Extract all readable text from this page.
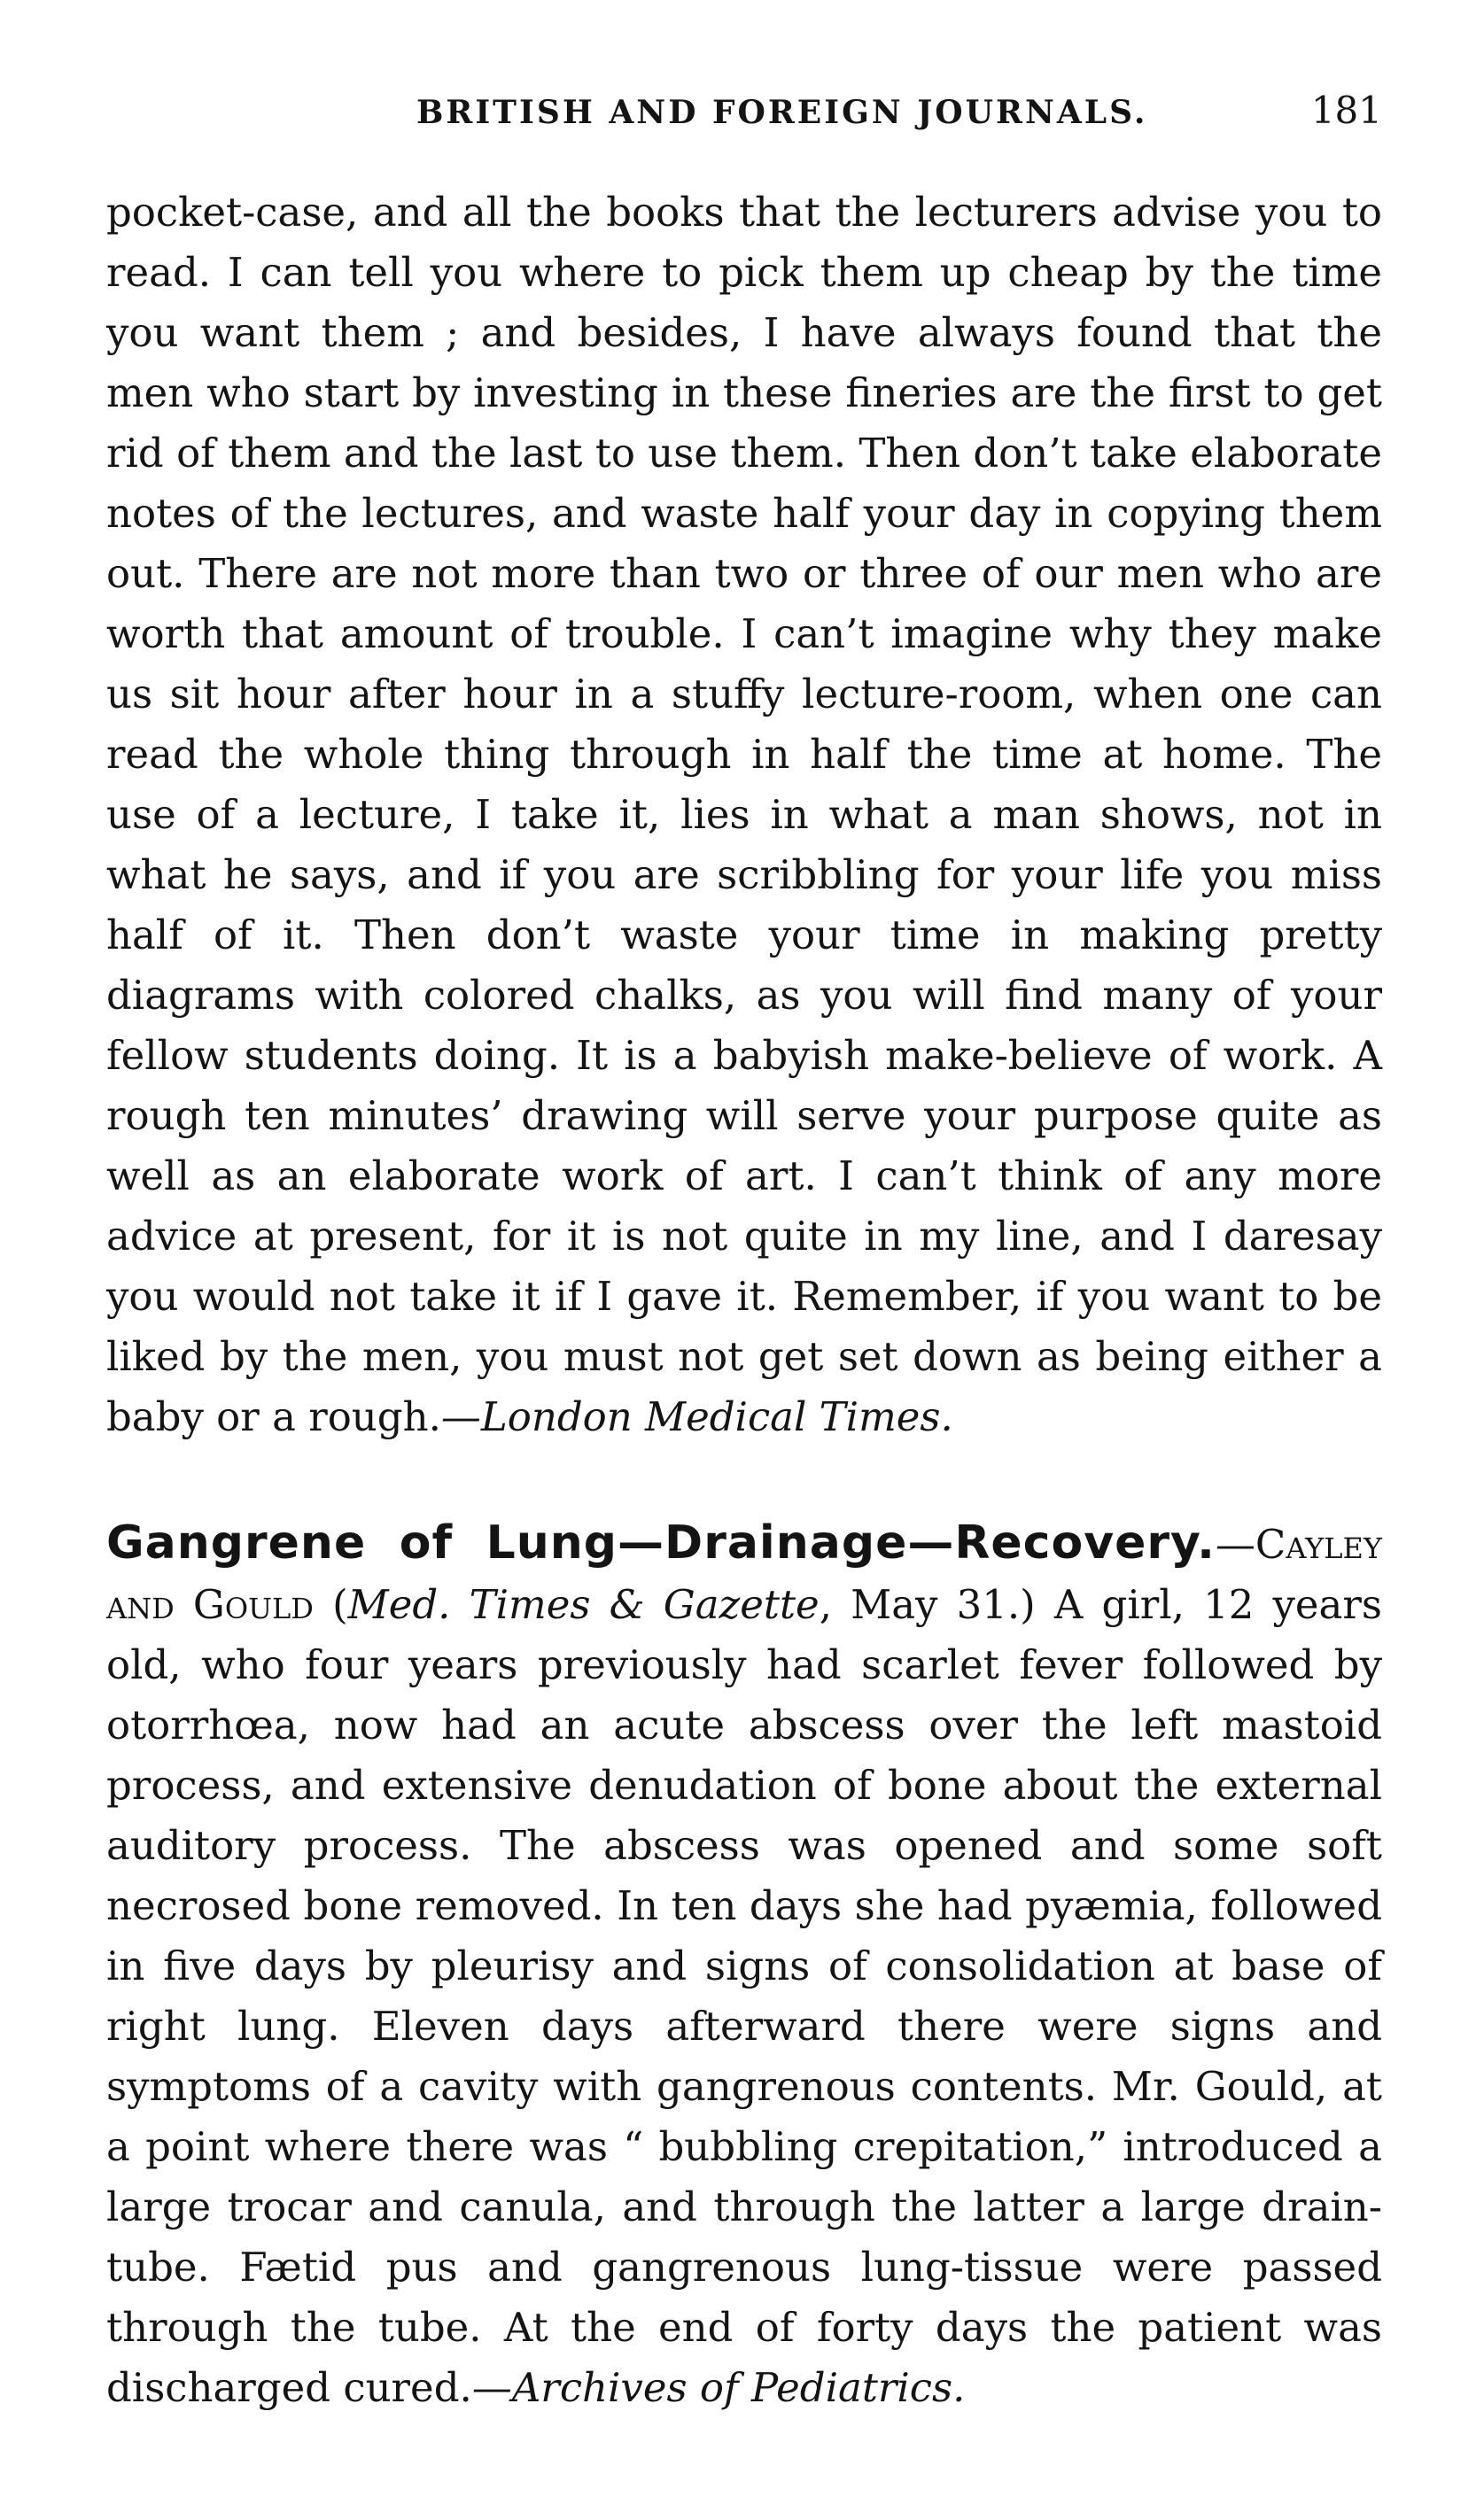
BRITISH AND FOREIGN JOURNALS.	181

pocket-case, and all the books that the lecturers advise you to read. I can tell you where to pick them up cheap by the time you want them ; and besides, I have always found that the men who start by investing in these fineries are the first to get rid of them and the last to use them. Then don’t take elaborate notes of the lectures, and waste half your day in copying them out. There are not more than two or three of our men who are worth that amount of trouble. I can’t imagine why they make us sit hour after hour in a stuffy lecture-room, when one can read the whole thing through in half the time at home. The use of a lecture, I take it, lies in what a man shows, not in what he says, and if you are scribbling for your life you miss half of it. Then don’t waste your time in making pretty diagrams with colored chalks, as you will find many of your fellow students doing. It is a babyish make-believe of work. A rough ten minutes’ drawing will serve your purpose quite as well as an elaborate work of art. I can’t think of any more advice at present, for it is not quite in my line, and I daresay you would not take it if I gave it. Remember, if you want to be liked by the men, you must not get set down as being either a baby or a rough.—London Medical Times.

Gangrene of Lung—Drainage—Recovery.—Cayley and Gould (Med. Times & Gazette, May 31.) A girl, 12 years old, who four years previously had scarlet fever followed by otorrhœa, now had an acute abscess over the left mastoid process, and extensive denudation of bone about the external auditory process. The abscess was opened and some soft necrosed bone removed. In ten days she had pyæmia, followed in five days by pleurisy and signs of consolidation at base of right lung. Eleven days afterward there were signs and symptoms of a cavity with gangrenous contents. Mr. Gould, at a point where there was “ bubbling crepitation,” introduced a large trocar and canula, and through the latter a large drain-tube. Fætid pus and gangrenous lung-tissue were passed through the tube. At the end of forty days the patient was discharged cured.—Archives of Pediatrics.
